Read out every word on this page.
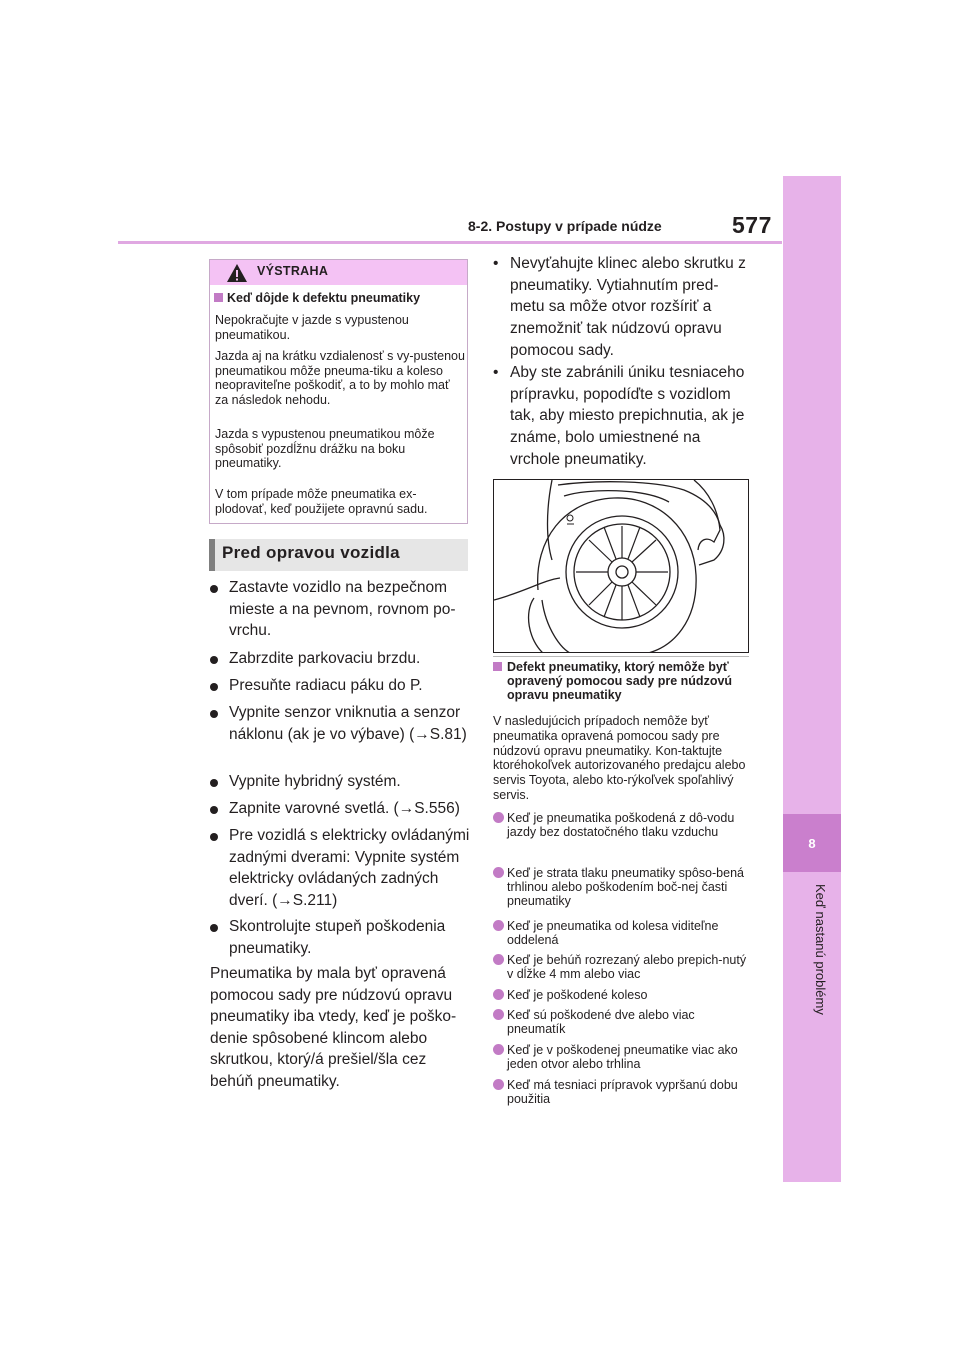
8-2. Postupy v prípade núdze	577
8
Keď nastanú problémy
VÝSTRAHA
Keď dôjde k defektu pneumatiky
Nepokračujte v jazde s vypustenou pneumatikou.
Jazda aj na krátku vzdialenosť s vy-pustenou pneumatikou môže pneuma-tiku a koleso neopraviteľne poškodiť, a to by mohlo mať za následok nehodu.
Jazda s vypustenou pneumatikou môže spôsobiť pozdĺžnu drážku na boku pneumatiky.
V tom prípade môže pneumatika ex-plodovať, keď použijete opravnú sadu.
Pred opravou vozidla
Zastavte vozidlo na bezpečnom mieste a na pevnom, rovnom po-vrchu.
Zabrzdite parkovaciu brzdu.
Presuňte radiacu páku do P.
Vypnite senzor vniknutia a senzor náklonu (ak je vo výbave) (→S.81)
Vypnite hybridný systém.
Zapnite varovné svetlá. (→S.556)
Pre vozidlá s elektricky ovládanými zadnými dverami: Vypnite systém elektricky ovládaných zadných dverí. (→S.211)
Skontrolujte stupeň poškodenia pneumatiky.
Pneumatika by mala byť opravená pomocou sady pre núdzovú opravu pneumatiky iba vtedy, keď je poško-denie spôsobené klincom alebo skrutkou, ktorý/á prešiel/šla cez behúň pneumatiky.
• Nevyťahujte klinec alebo skrutku z pneumatiky. Vytiahnutím pred-metu sa môže otvor rozšíriť a znemožniť tak núdzovú opravu pomocou sady.
• Aby ste zabránili úniku tesniaceho prípravku, popodíďte s vozidlom tak, aby miesto prepichnutia, ak je známe, bolo umiestnené na vrchole pneumatiky.
Defekt pneumatiky, ktorý nemôže byť opravený pomocou sady pre núdzovú opravu pneumatiky
V nasledujúcich prípadoch nemôže byť pneumatika opravená pomocou sady pre núdzovú opravu pneumatiky. Kon-taktujte ktoréhokoľvek autorizovaného predajcu alebo servis Toyota, alebo kto-rýkoľvek spoľahlivý servis.
Keď je pneumatika poškodená z dô-vodu jazdy bez dostatočného tlaku vzduchu
Keď je strata tlaku pneumatiky spôso-bená trhlinou alebo poškodením boč-nej časti pneumatiky
Keď je pneumatika od kolesa viditeľne oddelená
Keď je behúň rozrezaný alebo prepich-nutý v dĺžke 4 mm alebo viac
Keď je poškodené koleso
Keď sú poškodené dve alebo viac pneumatík
Keď je v poškodenej pneumatike viac ako jeden otvor alebo trhlina
Keď má tesniaci prípravok vypršanú dobu použitia
